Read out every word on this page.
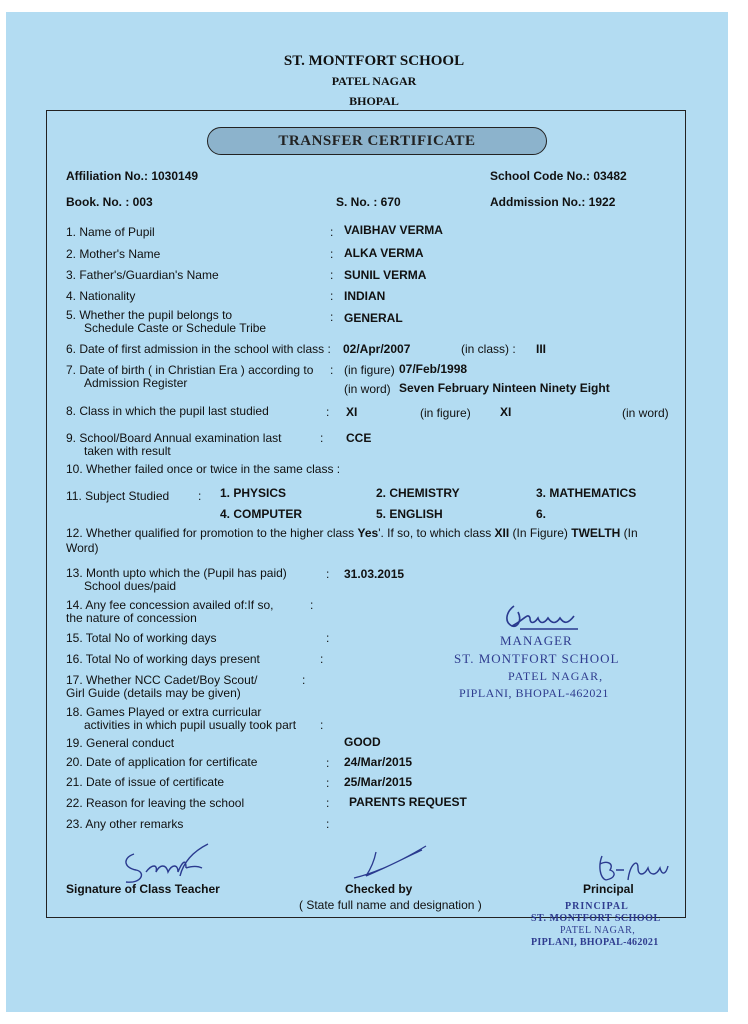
ST. MONTFORT SCHOOL
PATEL NAGAR
BHOPAL
TRANSFER CERTIFICATE
Affiliation No.: 1030149	School Code No.: 03482
Book. No. : 003	S. No. : 670	Addmission No.: 1922
1. Name of Pupil	: VAIBHAV VERMA
2. Mother's Name	: ALKA VERMA
3. Father's/Guardian's Name	: SUNIL VERMA
4. Nationality	: INDIAN
5. Whether the pupil belongs to
Schedule Caste or Schedule Tribe
: GENERAL
6. Date of first admission in the school with class : 02/Apr/2007	(in class) : III
7. Date of birth ( in Christian Era ) according to
Admission Register
: (in figure) 07/Feb/1998
(in word) Seven February Ninteen Ninety Eight
8. Class in which the pupil last studied	: XI	(in figure) XI	(in word)
9. School/Board Annual examination last
taken with result
: CCE
10. Whether failed once or twice in the same class :
11. Subject Studied : 1. PHYSICS	2. CHEMISTRY	3. MATHEMATICS
4. COMPUTER	5. ENGLISH	6.
12. Whether qualified for promotion to the higher class Yes'. If so, to which class XII (In Figure) TWELTH (In
Word)
13. Month upto which the (Pupil has paid)
School dues/paid
: 31.03.2015
14. Any fee concession availed of:If so,
the nature of concession
:
15. Total No of working days	:
16. Total No of working days present	:
17. Whether NCC Cadet/Boy Scout/
Girl Guide (details may be given)
:
18. Games Played or extra curricular
activities in which pupil usually took part :
19. General conduct	GOOD
20. Date of application for certificate	: 24/Mar/2015
21. Date of issue of certificate	: 25/Mar/2015
22. Reason for leaving the school	: PARENTS REQUEST
23. Any other remarks	:
MANAGER
ST. MONTFORT SCHOOL
PATEL NAGAR,
PIPLANI, BHOPAL-462021
Signature of Class Teacher	Checked by
( State full name and designation )
Principal
PRINCIPAL
ST. MONTFORT SCHOOL
PATEL NAGAR,
PIPLANI, BHOPAL-462021
